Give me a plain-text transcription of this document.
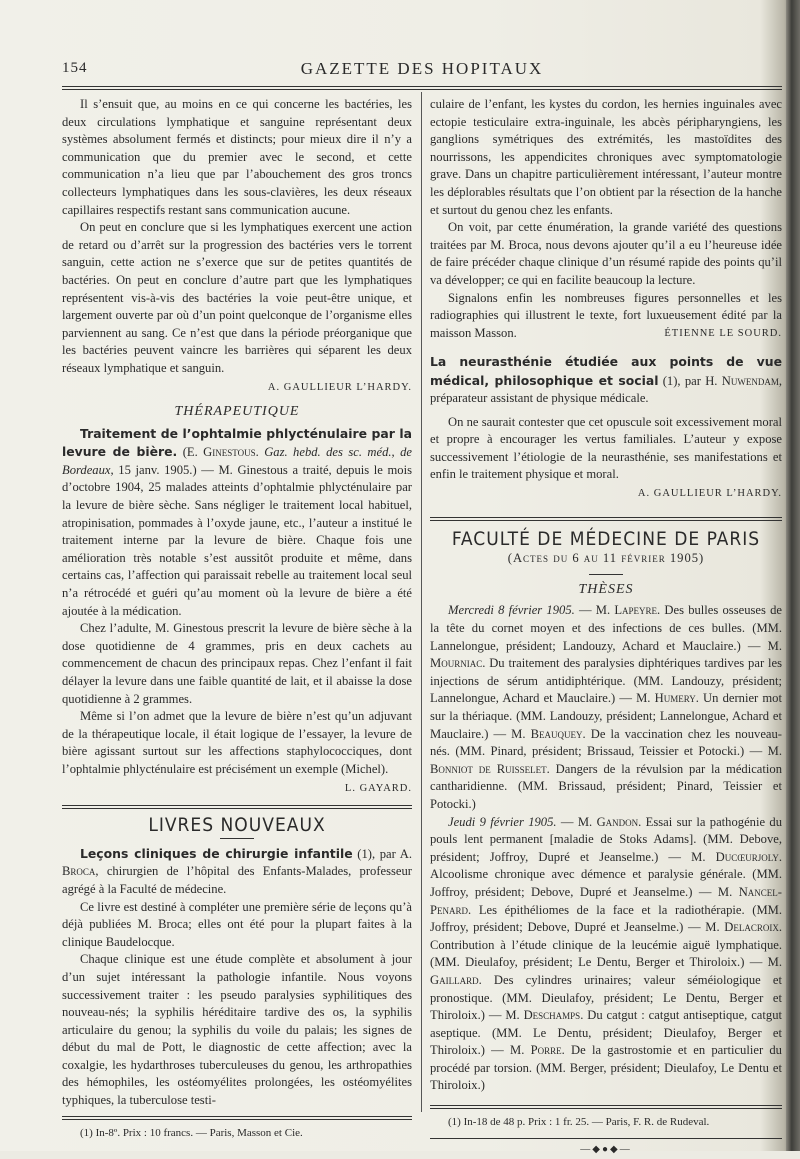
154	GAZETTE DES HOPITAUX

Il s’ensuit que, au moins en ce qui concerne les bactéries, les deux circulations lymphatique et sanguine représentant deux systèmes absolument fermés et distincts; pour mieux dire il n’y a communication que du premier avec le second, et cette communication n’a lieu que par l’abouchement des gros troncs collecteurs lymphatiques dans les sous-clavières, les deux réseaux capillaires respectifs restant sans communication aucune.

On peut en conclure que si les lymphatiques exercent une action de retard ou d’arrêt sur la progression des bactéries vers le torrent sanguin, cette action ne s’exerce que sur de petites quantités de bactéries. On peut en conclure d’autre part que les lymphatiques représentent vis-à-vis des bactéries la voie peut-être unique, et largement ouverte par où d’un point quelconque de l’organisme elles parviennent au sang. Ce n’est que dans la période préorganique que les bactéries peuvent vaincre les barrières qui séparent les deux réseaux lymphatique et sanguin.

A. GAULLIEUR L’HARDY.
THÉRAPEUTIQUE

Traitement de l’ophtalmie phlycténulaire par la levure de bière. (E. Ginestous. Gaz. hebd. des sc. méd., de Bordeaux, 15 janv. 1905.) — M. Ginestous a traité, depuis le mois d’octobre 1904, 25 malades atteints d’ophtalmie phlycténulaire par la levure de bière sèche. Sans négliger le traitement local habituel, atropinisation, pommades à l’oxyde jaune, etc., l’auteur a institué le traitement interne par la levure de bière. Chaque fois une amélioration très notable s’est aussitôt produite et même, dans certains cas, l’affection qui paraissait rebelle au traitement local seul n’a rétrocédé et guéri qu’au moment où la levure de bière a été ajoutée à la médication.

Chez l’adulte, M. Ginestous prescrit la levure de bière sèche à la dose quotidienne de 4 grammes, pris en deux cachets au commencement de chacun des principaux repas. Chez l’enfant il fait délayer la levure dans une faible quantité de lait, et il abaisse la dose quotidienne à 2 grammes.

Même si l’on admet que la levure de bière n’est qu’un adjuvant de la thérapeutique locale, il était logique de l’essayer, la levure de bière agissant surtout sur les affections staphylococciques, dont l’ophtalmie phlycténulaire est précisément un exemple (Michel).

L. GAYARD.
LIVRES NOUVEAUX

Leçons cliniques de chirurgie infantile (1), par A. Broca, chirurgien de l’hôpital des Enfants-Malades, professeur agrégé à la Faculté de médecine.

Ce livre est destiné à compléter une première série de leçons qu’à déjà publiées M. Broca; elles ont été pour la plupart faites à la clinique Baudelocque.

Chaque clinique est une étude complète et absolument à jour d’un sujet intéressant la pathologie infantile. Nous voyons successivement traiter : les pseudo paralysies syphilitiques des nouveau-nés; la syphilis héréditaire tardive des os, la syphilis articulaire du genou; la syphilis du voile du palais; les signes de début du mal de Pott, le diagnostic de cette affection; avec la coxalgie, les hydarthroses tuberculeuses du genou, les arthropathies des hémophiles, les ostéomyélites prolongées, les ostéomyélites typhiques, la tuberculose testi-

(1) In-8º. Prix : 10 francs. — Paris, Masson et Cie.

culaire de l’enfant, les kystes du cordon, les hernies inguinales avec ectopie testiculaire extra-inguinale, les abcès péripharyngiens, les ganglions symétriques des extrémités, les mastoïdites des nourrissons, les appendicites chroniques avec symptomatologie grave. Dans un chapitre particulièrement intéressant, l’auteur montre les déplorables résultats que l’on obtient par la résection de la hanche et surtout du genou chez les enfants.

On voit, par cette énumération, la grande variété des questions traitées par M. Broca, nous devons ajouter qu’il a eu l’heureuse idée de faire précéder chaque clinique d’un résumé rapide des points qu’il va développer; ce qui en facilite beaucoup la lecture.

Signalons enfin les nombreuses figures personnelles et les radiographies qui illustrent le texte, fort luxueusement édité par la maisson Masson.	ÉTIENNE LE SOURD.

La neurasthénie étudiée aux points de vue médical, philosophique et social (1), par H. Nuwendam, préparateur assistant de physique médicale.

On ne saurait contester que cet opuscule soit excessivement moral et propre à encourager les vertus familiales. L’auteur y expose successivement l’étiologie de la neurasthénie, ses manifestations et enfin le traitement physique et moral.

A. GAULLIEUR L’HARDY.
FACULTÉ DE MÉDECINE DE PARIS
(Actes du 6 au 11 février 1905)
THÈSES

Mercredi 8 février 1905. — M. Lapeyre. Des bulles osseuses de la tête du cornet moyen et des infections de ces bulles. (MM. Lannelongue, président; Landouzy, Achard et Mauclaire.) — M. Mourniac. Du traitement des paralysies diphtériques tardives par les injections de sérum antidiphtérique. (MM. Landouzy, président; Lannelongue, Achard et Mauclaire.) — M. Humery. Un dernier mot sur la thériaque. (MM. Landouzy, président; Lannelongue, Achard et Mauclaire.) — M. Beauquey. De la vaccination chez les nouveau-nés. (MM. Pinard, président; Brissaud, Teissier et Potocki.) — M. Bonniot de Ruisselet. Dangers de la révulsion par la médication cantharidienne. (MM. Brissaud, président; Pinard, Teissier et Potocki.)

Jeudi 9 février 1905. — M. Gandon. Essai sur la pathogénie du pouls lent permanent [maladie de Stoks Adams]. (MM. Debove, président; Joffroy, Dupré et Jeanselme.) — M. Ducœurjoly. Alcoolisme chronique avec démence et paralysie générale. (MM. Joffroy, président; Debove, Dupré et Jeanselme.) — M. Nancel-Penard. Les épithéliomes de la face et la radiothérapie. (MM. Joffroy, président; Debove, Dupré et Jeanselme.) — M. Delacroix. Contribution à l’étude clinique de la leucémie aiguë lymphatique. (MM. Dieulafoy, président; Le Dentu, Berger et Thiroloix.) — M. Gaillard. Des cylindres urinaires; valeur séméiologique et pronostique. (MM. Dieulafoy, président; Le Dentu, Berger et Thiroloix.) — M. Deschamps. Du catgut : catgut antiseptique, catgut aseptique. (MM. Le Dentu, président; Dieulafoy, Berger et Thiroloix.) — M. Porre. De la gastrostomie et en particulier du procédé par torsion. (MM. Berger, président; Dieulafoy, Le Dentu et Thiroloix.)

(1) In-18 de 48 p. Prix : 1 fr. 25. — Paris, F. R. de Rudeval.

—◆●◆—
